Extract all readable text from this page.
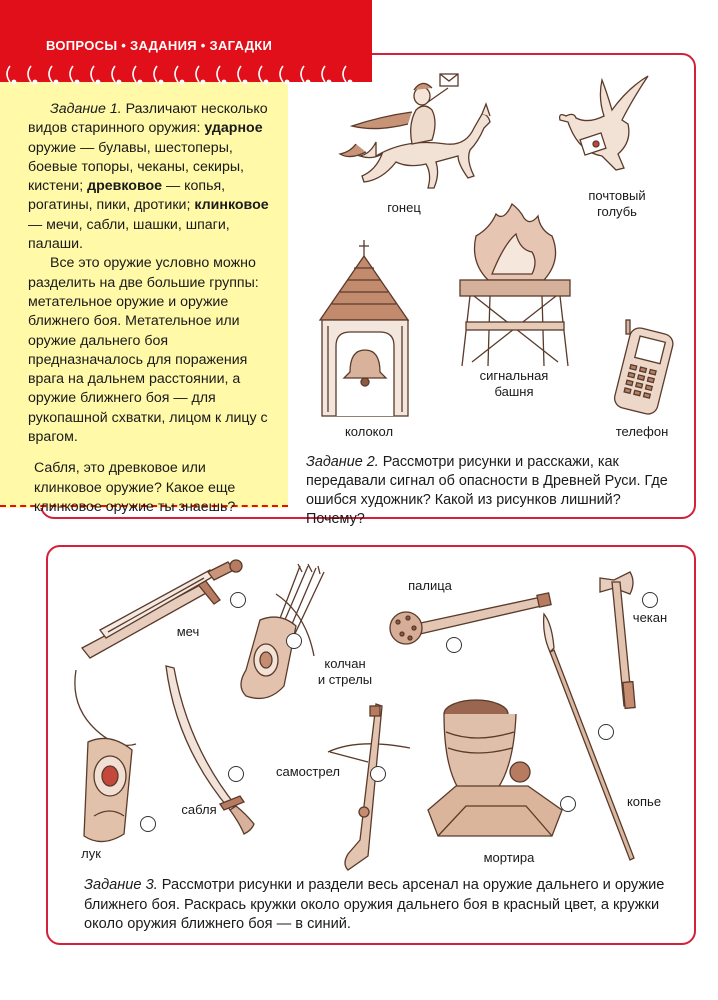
ВОПРОСЫ • ЗАДАНИЯ • ЗАГАДКИ

Задание 1. Различают несколько видов старинного оружия: ударное оружие — булавы, шестоперы, боевые топоры, чеканы, секиры, кистени; древковое — копья, рогатины, пики, дротики; клинковое — мечи, сабли, шашки, шпаги, палаши.

Все это оружие условно можно разделить на две большие группы: метательное оружие и оружие ближнего боя. Метательное или оружие дальнего боя предназначалось для поражения врага на дальнем расстоянии, а оружие ближнего боя — для рукопашной схватки, лицом к лицу с врагом.

Сабля, это древковое или клинковое оружие? Какое еще клинковое оружие ты знаешь?

гонец
почтовый
голубь
колокол
сигнальная
башня
телефон
Задание 2. Рассмотри рисунки и расскажи, как передавали сигнал об опасности в Древней Руси. Где ошибся художник? Какой из рисунков лишний? Почему?
меч
колчан
и стрелы
палица
чекан
лук
сабля
самострел
мортира
копье
Задание 3. Рассмотри рисунки и раздели весь арсенал на оружие дальнего и оружие ближнего боя. Раскрась кружки около оружия дальнего боя в красный цвет, а кружки около оружия ближнего боя — в синий.
